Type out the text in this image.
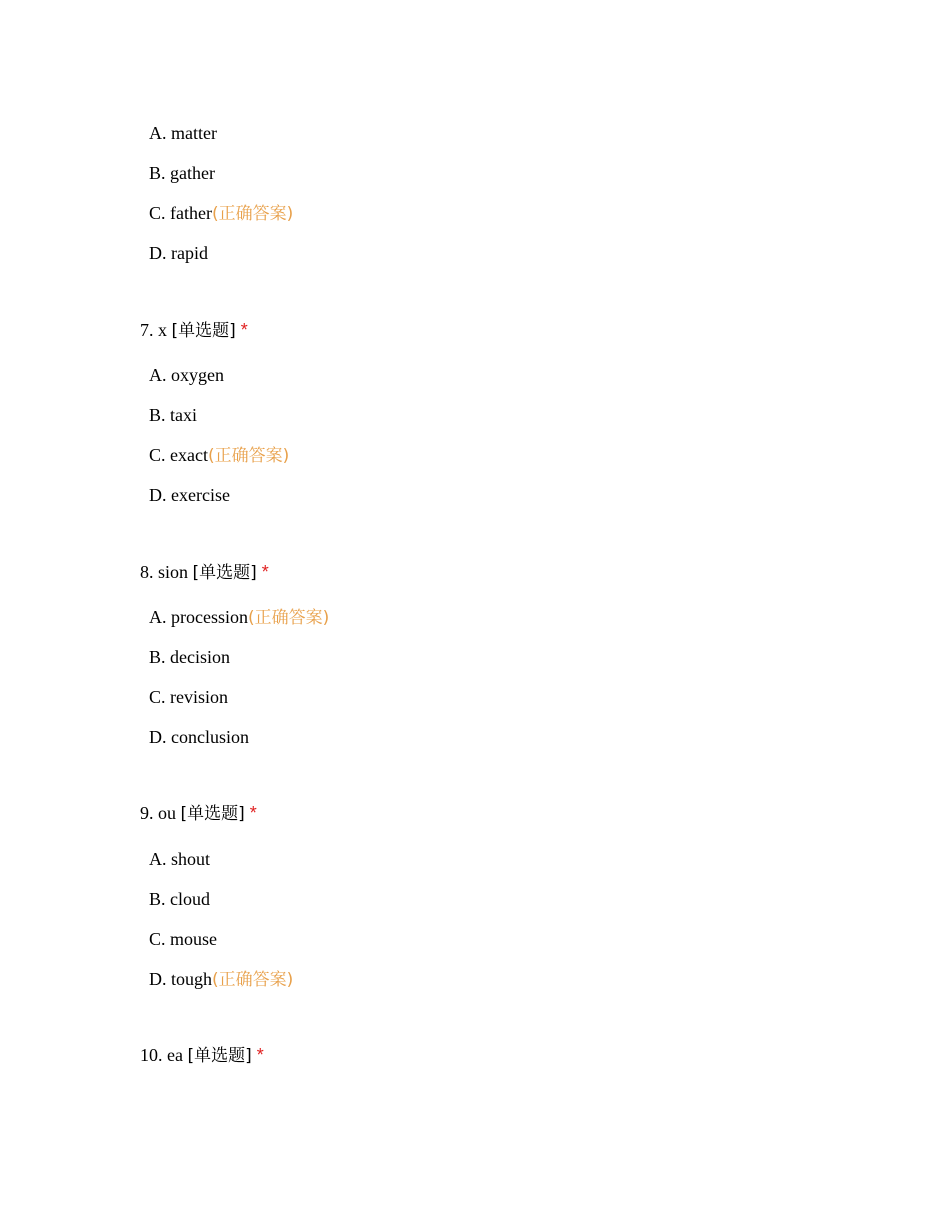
A. matter
B. gather
C. father(正确答案)
D. rapid
7. x [单选题] *
A. oxygen
B. taxi
C. exact(正确答案)
D. exercise
8. sion [单选题] *
A. procession(正确答案)
B. decision
C. revision
D. conclusion
9. ou [单选题] *
A. shout
B. cloud
C. mouse
D. tough(正确答案)
10. ea [单选题] *
